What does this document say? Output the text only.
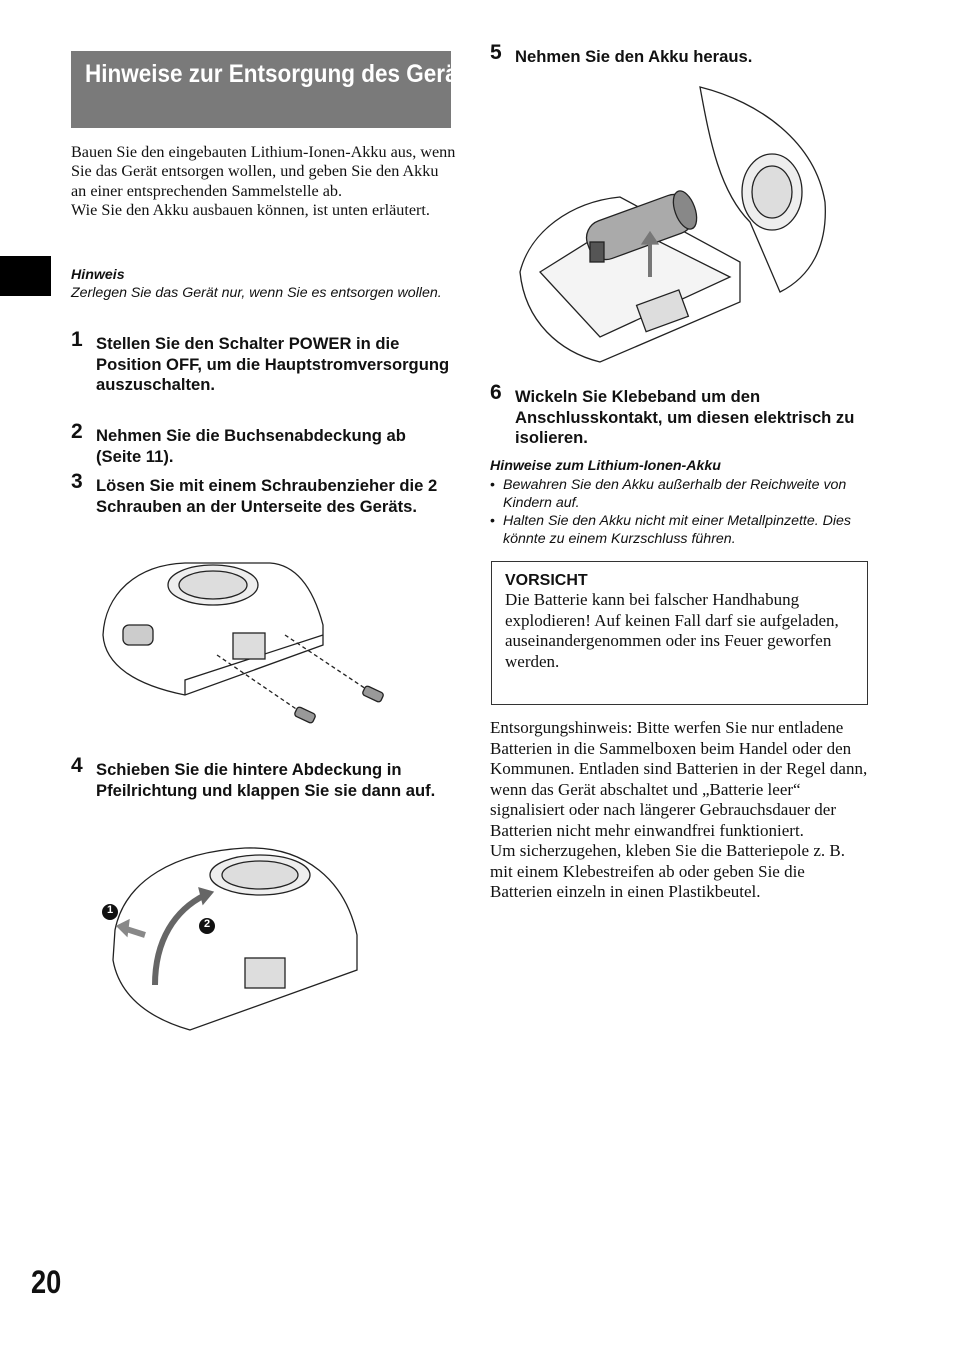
Hinweise zur Entsorgung des Geräts

Bauen Sie den eingebauten Lithium-Ionen-Akku aus, wenn Sie das Gerät entsorgen wollen, und geben Sie den Akku an einer entsprechenden Sammelstelle ab.

Wie Sie den Akku ausbauen können, ist unten erläutert.

Hinweis
Zerlegen Sie das Gerät nur, wenn Sie es entsorgen wollen.
1 Stellen Sie den Schalter POWER in die Position OFF, um die Hauptstromversorgung auszuschalten.
2 Nehmen Sie die Buchsenabdeckung ab (Seite 11).
3 Lösen Sie mit einem Schraubenzieher die 2 Schrauben an der Unterseite des Geräts.
4 Schieben Sie die hintere Abdeckung in Pfeilrichtung und klappen Sie sie dann auf.
1
2
5 Nehmen Sie den Akku heraus.
6 Wickeln Sie Klebeband um den Anschlusskontakt, um diesen elektrisch zu isolieren.
Hinweise zum Lithium-Ionen-Akku
• Bewahren Sie den Akku außerhalb der Reichweite von Kindern auf.
• Halten Sie den Akku nicht mit einer Metallpinzette. Dies könnte zu einem Kurzschluss führen.
VORSICHT
Die Batterie kann bei falscher Handhabung explodieren! Auf keinen Fall darf sie aufgeladen, auseinandergenommen oder ins Feuer geworfen werden.

Entsorgungshinweis: Bitte werfen Sie nur entladene Batterien in die Sammelboxen beim Handel oder den Kommunen. Entladen sind Batterien in der Regel dann, wenn das Gerät abschaltet und „Batterie leer“ signalisiert oder nach längerer Gebrauchsdauer der Batterien nicht mehr einwandfrei funktioniert.

Um sicherzugehen, kleben Sie die Batteriepole z. B. mit einem Klebestreifen ab oder geben Sie die Batterien einzeln in einen Plastikbeutel.

20
